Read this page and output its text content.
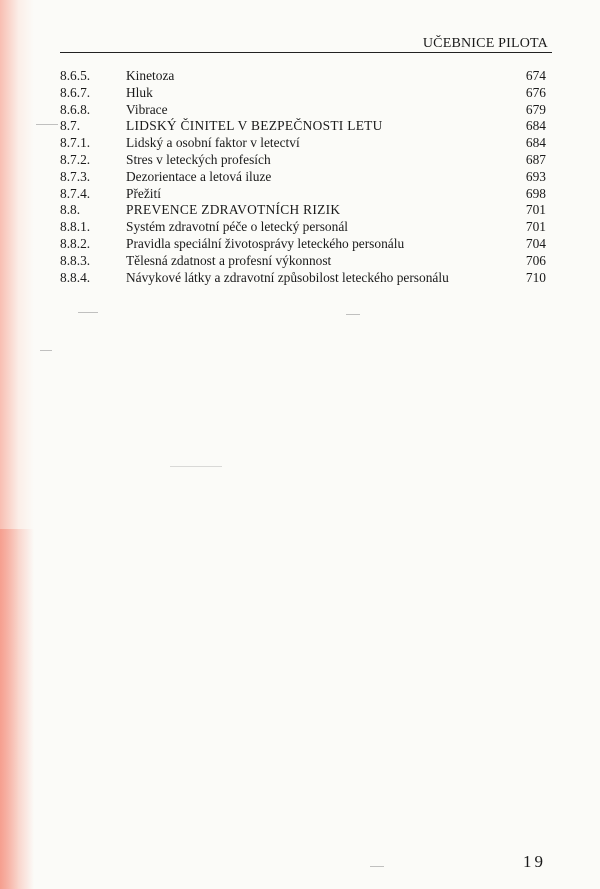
UČEBNICE PILOTA
8.6.5.	Kinetoza	674
8.6.7.	Hluk	676
8.6.8.	Vibrace	679
8.7.	LIDSKÝ ČINITEL V BEZPEČNOSTI LETU	684
8.7.1.	Lidský a osobní faktor v letectví	684
8.7.2.	Stres v leteckých profesích	687
8.7.3.	Dezorientace a letová iluze	693
8.7.4.	Přežití	698
8.8.	PREVENCE ZDRAVOTNÍCH RIZIK	701
8.8.1.	Systém zdravotní péče o letecký personál	701
8.8.2.	Pravidla speciální životosprávy leteckého personálu	704
8.8.3.	Tělesná zdatnost a profesní výkonnost	706
8.8.4.	Návykové látky a zdravotní způsobilost leteckého personálu	710
19
